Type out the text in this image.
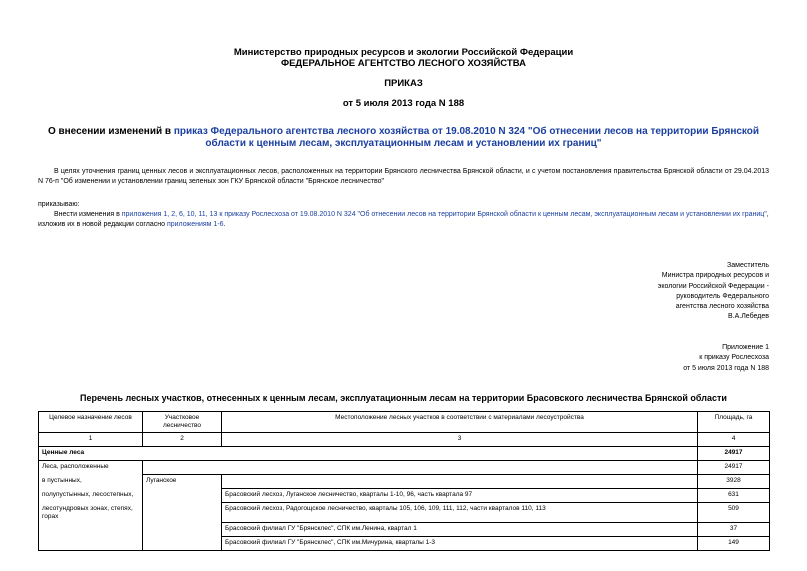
Министерство природных ресурсов и экологии Российской Федерации
ФЕДЕРАЛЬНОЕ АГЕНТСТВО ЛЕСНОГО ХОЗЯЙСТВА
ПРИКАЗ
от 5 июля 2013 года N 188
О внесении изменений в приказ Федерального агентства лесного хозяйства от 19.08.2010 N 324 "Об отнесении лесов на территории Брянской области к ценным лесам, эксплуатационным лесам и установлении их границ"
В целях уточнения границ ценных лесов и эксплуатационных лесов, расположенных на территории Брянского лесничества Брянской области, и с учетом постановления правительства Брянской области от 29.04.2013 N 76-п "Об изменении и установлении границ зеленых зон ГКУ Брянской области "Брянское лесничество"
приказываю:
Внести изменения в приложения 1, 2, 6, 10, 11, 13 к приказу Рослесхоза от 19.08.2010 N 324 "Об отнесении лесов на территории Брянской области к ценным лесам, эксплуатационным лесам и установлении их границ", изложив их в новой редакции согласно приложениям 1-6.
Заместитель
Министра природных ресурсов и
экологии Российской Федерации -
руководитель Федерального
агентства лесного хозяйства
В.А.Лебедев
Приложение 1
к приказу Рослесхоза
от 5 июля 2013 года N 188
Перечень лесных участков, отнесенных к ценным лесам, эксплуатационным лесам на территории Брасовского лесничества Брянской области
Целевое назначение лесов	Участковое лесничество	Местоположение лесных участков в соответствии с материалами лесоустройства	Площадь, га
1	2	3	4
Ценные леса			24917
Леса, расположенные			24917
в пустынных,	Луганское		3928
полупустынных, лесостепных,		Брасовский лесхоз, Луганское лесничество, кварталы 1-10, 96, часть квартала 97	631

лесотундровых зонах, степях,
горах		Брасовский лесхоз, Радогощское лесничество, кварталы 105, 106, 109, 111, 112, части кварталов 110, 113	509
		Брасовский филиал ГУ "Брянсклес", СПК им.Ленина, квартал 1	37
		Брасовский филиал ГУ "Брянсклес", СПК им.Мичурина, кварталы 1-3	149
